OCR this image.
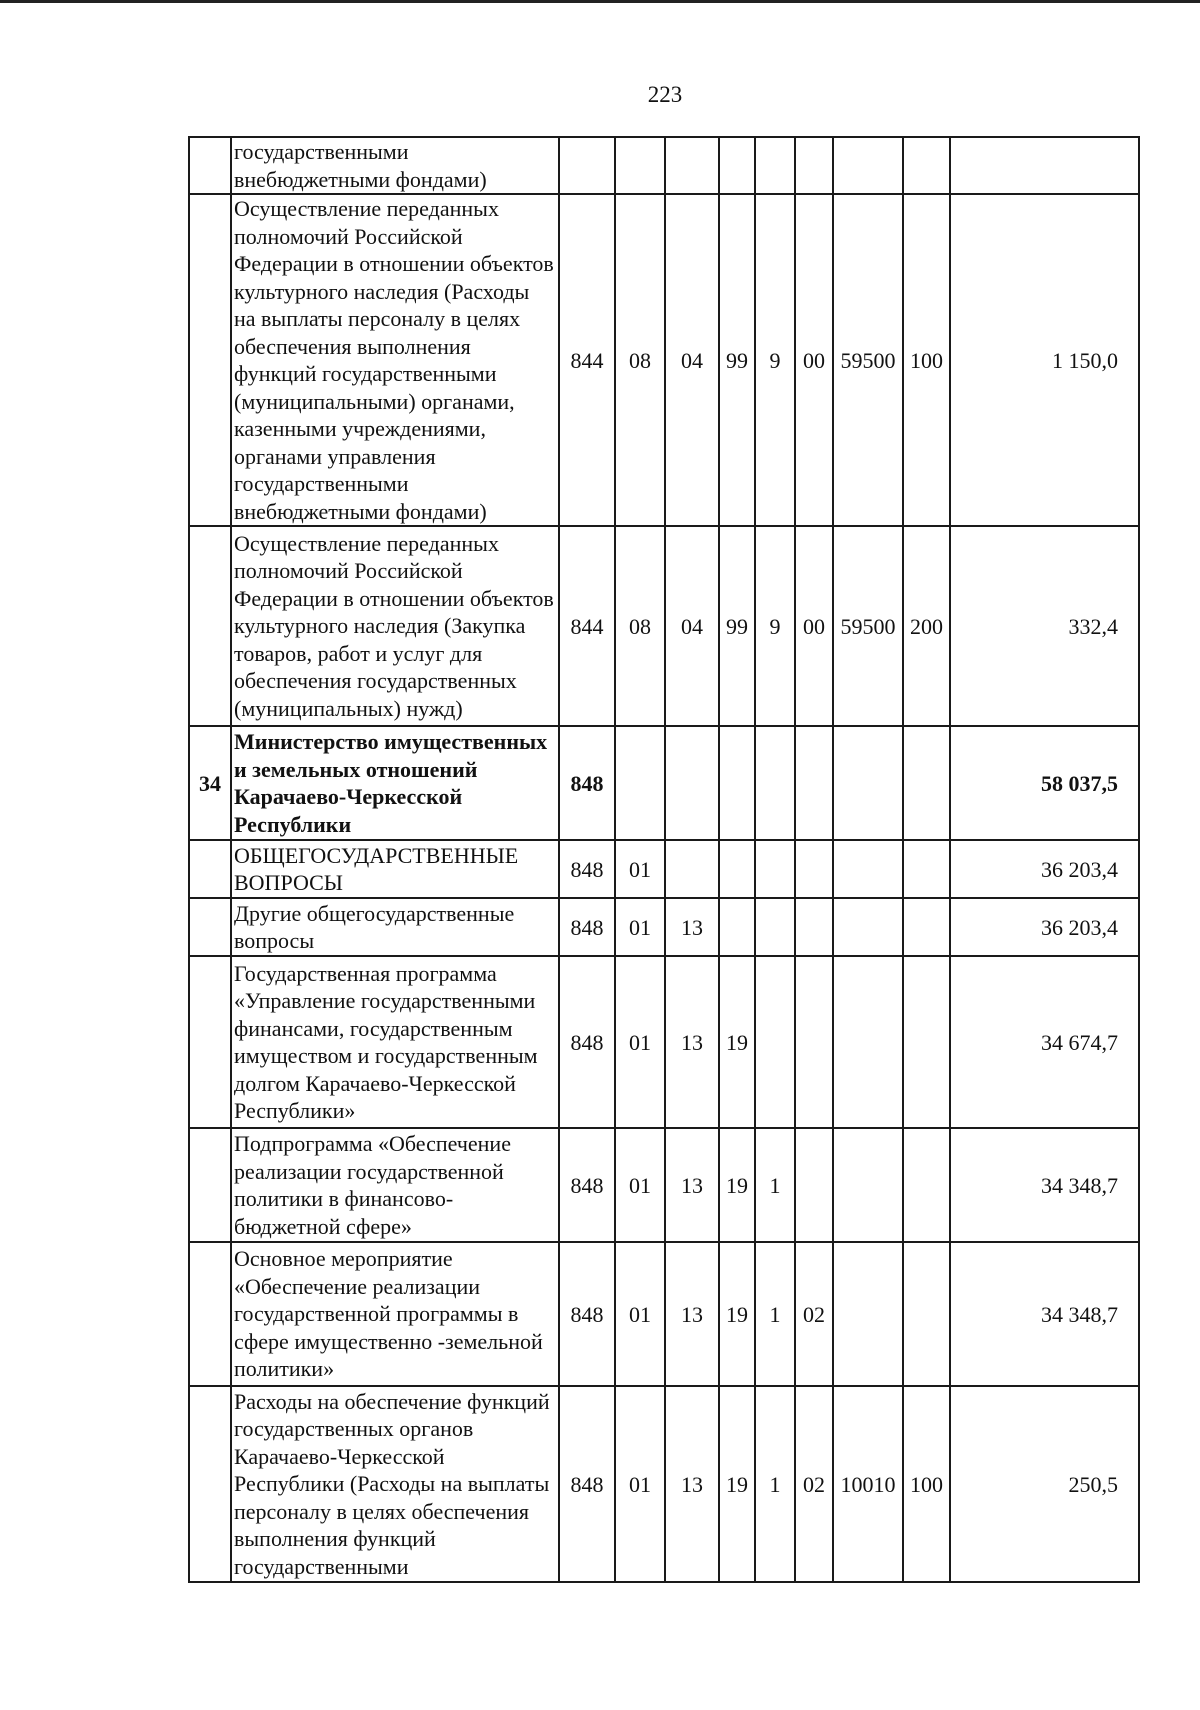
223
	государственными внебюджетными фондами)									
	Осуществление переданных полномочий Российской Федерации в отношении объектов культурного наследия (Расходы на выплаты персоналу в целях обеспечения выполнения функций государственными (муниципальными) органами, казенными учреждениями, органами управления государственными внебюджетными фондами)	844	08	04	99	9	00	59500	100	1 150,0
	Осуществление переданных полномочий Российской Федерации в отношении объектов культурного наследия (Закупка товаров, работ и услуг для обеспечения государственных (муниципальных) нужд)	844	08	04	99	9	00	59500	200	332,4
34	Министерство имущественных и земельных отношений Карачаево-Черкесской Республики	848								58 037,5
	ОБЩЕГОСУДАРСТВЕННЫЕ ВОПРОСЫ	848	01							36 203,4
	Другие общегосударственные вопросы	848	01	13						36 203,4
	Государственная программа «Управление государственными финансами, государственным имуществом и государственным долгом Карачаево-Черкесской Республики»	848	01	13	19					34 674,7
	Подпрограмма «Обеспечение реализации государственной политики в финансово-бюджетной сфере»	848	01	13	19	1				34 348,7
	Основное мероприятие «Обеспечение реализации государственной программы в сфере имущественно -земельной политики»	848	01	13	19	1	02			34 348,7
	Расходы на обеспечение функций государственных органов Карачаево-Черкесской Республики (Расходы на выплаты персоналу в целях обеспечения выполнения функций государственными	848	01	13	19	1	02	10010	100	250,5
